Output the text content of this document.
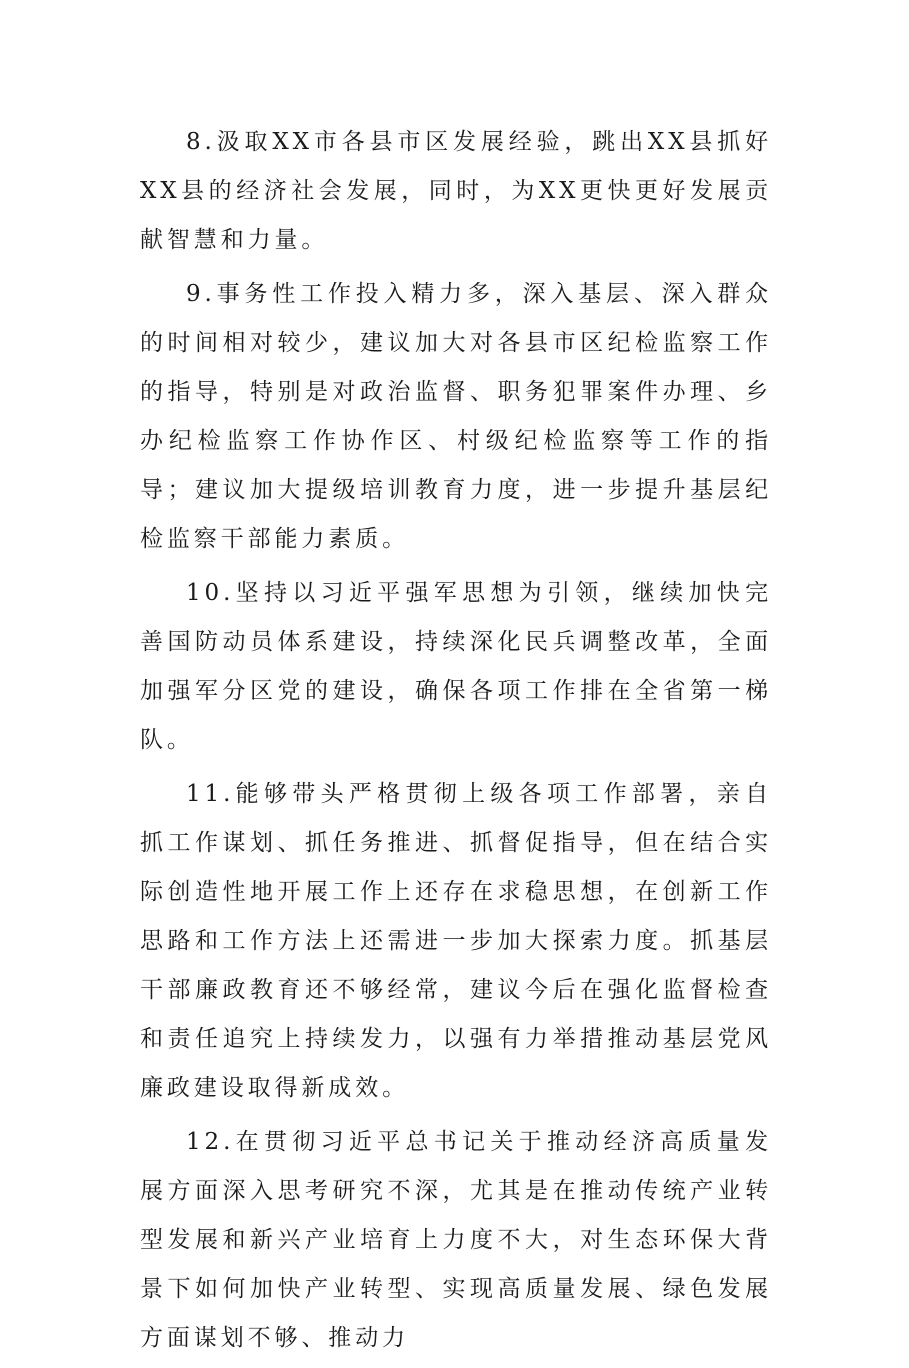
8.汲取XX市各县市区发展经验，跳出XX县抓好XX县的经济社会发展，同时，为XX更快更好发展贡献智慧和力量。

9.事务性工作投入精力多，深入基层、深入群众的时间相对较少，建议加大对各县市区纪检监察工作的指导，特别是对政治监督、职务犯罪案件办理、乡办纪检监察工作协作区、村级纪检监察等工作的指导；建议加大提级培训教育力度，进一步提升基层纪检监察干部能力素质。

10.坚持以习近平强军思想为引领，继续加快完善国防动员体系建设，持续深化民兵调整改革，全面加强军分区党的建设，确保各项工作排在全省第一梯队。

11.能够带头严格贯彻上级各项工作部署，亲自抓工作谋划、抓任务推进、抓督促指导，但在结合实际创造性地开展工作上还存在求稳思想，在创新工作思路和工作方法上还需进一步加大探索力度。抓基层干部廉政教育还不够经常，建议今后在强化监督检查和责任追究上持续发力，以强有力举措推动基层党风廉政建设取得新成效。

12.在贯彻习近平总书记关于推动经济高质量发展方面深入思考研究不深，尤其是在推动传统产业转型发展和新兴产业培育上力度不大，对生态环保大背景下如何加快产业转型、实现高质量发展、绿色发展方面谋划不够、推动力
